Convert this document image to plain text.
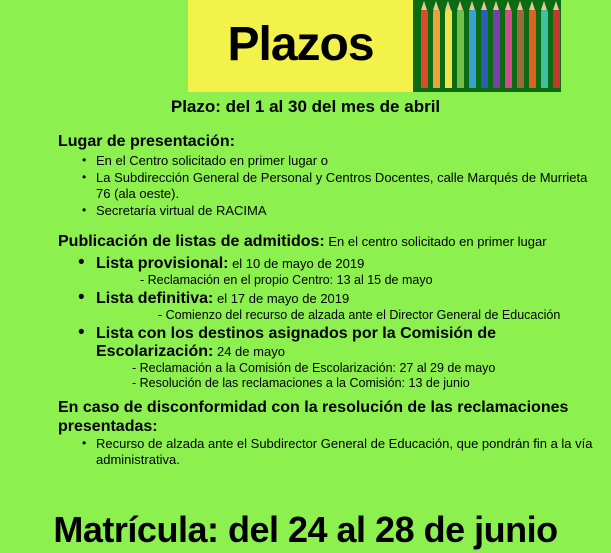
Plazos
Plazo: del 1 al 30 del mes de abril
Lugar de presentación:
• En el Centro solicitado en primer lugar o
• La Subdirección General de Personal y Centros Docentes, calle Marqués de Murrieta 76 (ala oeste).
• Secretaría virtual de RACIMA
Publicación de listas de admitidos: En el centro solicitado en primer lugar
• Lista provisional: el 10 de mayo de 2019
- Reclamación en el propio Centro: 13 al 15 de mayo
• Lista definitiva: el 17 de mayo de 2019
- Comienzo del recurso de alzada ante el Director General de Educación
• Lista con los destinos asignados por la Comisión de Escolarización: 24 de mayo
- Reclamación a la Comisión de Escolarización: 27 al 29 de mayo
- Resolución de las reclamaciones a la Comisión: 13 de junio
En caso de disconformidad con la resolución de las reclamaciones presentadas:
• Recurso de alzada ante el Subdirector General de Educación, que pondrán fin a la vía administrativa.
Matrícula: del 24 al 28 de junio
